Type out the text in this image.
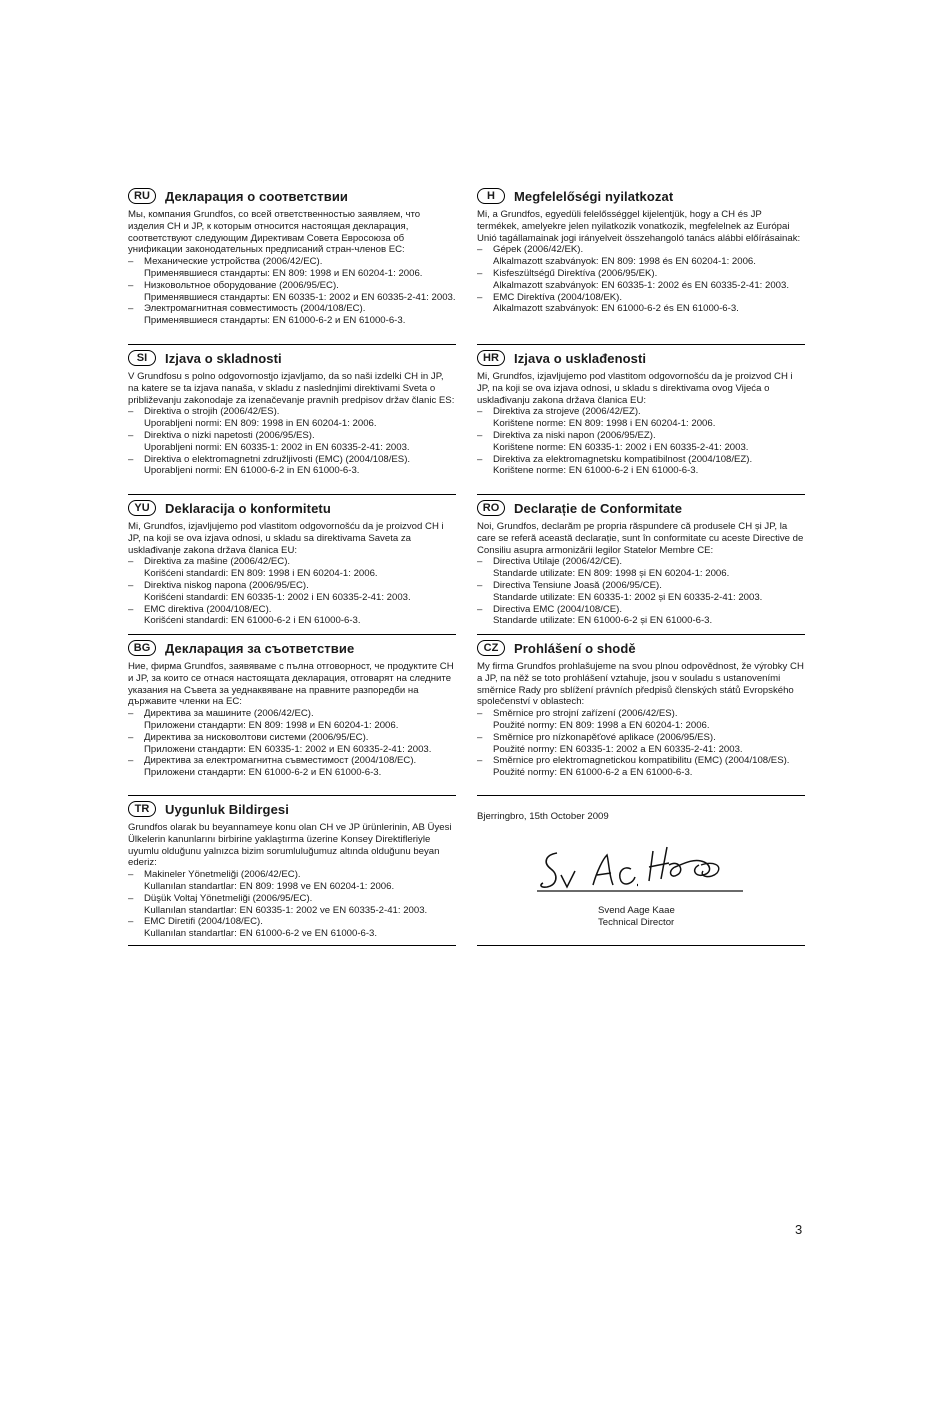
RU	Декларация о соответствии

Мы, компания Grundfos, со всей ответственностью заявляем, что изделия CH и JP, к которым относится настоящая декларация, соответствуют следующим Директивам Совета Евросоюза об унификации законодательных предписаний стран-членов ЕС:

– Механические устройства (2006/42/EC).
Применявшиеся стандарты: EN 809: 1998 и EN 60204-1: 2006.
– Низковольтное оборудование (2006/95/EC).
Применявшиеся стандарты: EN 60335-1: 2002 и EN 60335-2-41: 2003.
– Электромагнитная совместимость (2004/108/EC).
Применявшиеся стандарты: EN 61000-6-2 и EN 61000-6-3.
H	Megfelelőségi nyilatkozat

Mi, a Grundfos, egyedüli felelősséggel kijelentjük, hogy a CH és JP termékek, amelyekre jelen nyilatkozik vonatkozik, megfelelnek az Európai Unió tagállamainak jogi irányelveit összehangoló tanács alábbi előírásainak:

– Gépek (2006/42/EK).
Alkalmazott szabványok: EN 809: 1998 és EN 60204-1: 2006.
– Kisfeszültségű Direktíva (2006/95/EK).
Alkalmazott szabványok: EN 60335-1: 2002 és EN 60335-2-41: 2003.
– EMC Direktíva (2004/108/EK).
Alkalmazott szabványok: EN 61000-6-2 és EN 61000-6-3.
SI	Izjava o skladnosti

V Grundfosu s polno odgovornostjo izjavljamo, da so naši izdelki CH in JP, na katere se ta izjava nanaša, v skladu z naslednjimi direktivami Sveta o približevanju zakonodaje za izenačevanje pravnih predpisov držav članic ES:

– Direktiva o strojih (2006/42/ES).
Uporabljeni normi: EN 809: 1998 in EN 60204-1: 2006.
– Direktiva o nizki napetosti (2006/95/ES).
Uporabljeni normi: EN 60335-1: 2002 in EN 60335-2-41: 2003.
– Direktiva o elektromagnetni združljivosti (EMC) (2004/108/ES).
Uporabljeni normi: EN 61000-6-2 in EN 61000-6-3.
HR	Izjava o usklađenosti

Mi, Grundfos, izjavljujemo pod vlastitom odgovornošću da je proizvod CH i JP, na koji se ova izjava odnosi, u skladu s direktivama ovog Vijeća o usklađivanju zakona država članica EU:

– Direktiva za strojeve (2006/42/EZ).
Korištene norme: EN 809: 1998 i EN 60204-1: 2006.
– Direktiva za niski napon (2006/95/EZ).
Korištene norme: EN 60335-1: 2002 i EN 60335-2-41: 2003.
– Direktiva za elektromagnetsku kompatibilnost (2004/108/EZ).
Korištene norme: EN 61000-6-2 i EN 61000-6-3.
YU	Deklaracija o konformitetu

Mi, Grundfos, izjavljujemo pod vlastitom odgovornošću da je proizvod CH i JP, na koji se ova izjava odnosi, u skladu sa direktivama Saveta za usklađivanje zakona država članica EU:

– Direktiva za mašine (2006/42/EC).
Korišćeni standardi: EN 809: 1998 i EN 60204-1: 2006.
– Direktiva niskog napona (2006/95/EC).
Korišćeni standardi: EN 60335-1: 2002 i EN 60335-2-41: 2003.
– EMC direktiva (2004/108/EC).
Korišćeni standardi: EN 61000-6-2 i EN 61000-6-3.
RO	Declarație de Conformitate

Noi, Grundfos, declarăm pe propria răspundere că produsele CH și JP, la care se referă această declarație, sunt în conformitate cu aceste Directive de Consiliu asupra armonizării legilor Statelor Membre CE:

– Directiva Utilaje (2006/42/CE).
Standarde utilizate: EN 809: 1998 și EN 60204-1: 2006.
– Directiva Tensiune Joasă (2006/95/CE).
Standarde utilizate: EN 60335-1: 2002 și EN 60335-2-41: 2003.
– Directiva EMC (2004/108/CE).
Standarde utilizate: EN 61000-6-2 și EN 61000-6-3.
BG	Декларация за съответствие

Ние, фирма Grundfos, заявяваме с пълна отговорност, че продуктите CH и JP, за които се отнася настоящата декларация, отговарят на следните указания на Съвета за уеднаквяване на правните разпоредби на държавите членки на ЕС:

– Директива за машините (2006/42/EC).
Приложени стандарти: EN 809: 1998 и EN 60204-1: 2006.
– Директива за нисковолтови системи (2006/95/EC).
Приложени стандарти: EN 60335-1: 2002 и EN 60335-2-41: 2003.
– Директива за електромагнитна съвместимост (2004/108/EC).
Приложени стандарти: EN 61000-6-2 и EN 61000-6-3.
CZ	Prohlášení o shodě

My firma Grundfos prohlašujeme na svou plnou odpovědnost, že výrobky CH a JP, na něž se toto prohlášení vztahuje, jsou v souladu s ustanoveními směrnice Rady pro sblížení právních předpisů členských států Evropského společenství v oblastech:

– Směrnice pro strojní zařízení (2006/42/ES).
Použité normy: EN 809: 1998 a EN 60204-1: 2006.
– Směrnice pro nízkonapěťové aplikace (2006/95/ES).
Použité normy: EN 60335-1: 2002 a EN 60335-2-41: 2003.
– Směrnice pro elektromagnetickou kompatibilitu (EMC) (2004/108/ES).
Použité normy: EN 61000-6-2 a EN 61000-6-3.
TR	Uygunluk Bildirgesi

Grundfos olarak bu beyannameye konu olan CH ve JP ürünlerinin, AB Üyesi Ülkelerin kanunlarını birbirine yaklaştırma üzerine Konsey Direktifleriyle uyumlu olduğunu yalnızca bizim sorumluluğumuz altında olduğunu beyan ederiz:

– Makineler Yönetmeliği (2006/42/EC).
Kullanılan standartlar: EN 809: 1998 ve EN 60204-1: 2006.
– Düşük Voltaj Yönetmeliği (2006/95/EC).
Kullanılan standartlar: EN 60335-1: 2002 ve EN 60335-2-41: 2003.
– EMC Diretifi (2004/108/EC).
Kullanılan standartlar: EN 61000-6-2 ve EN 61000-6-3.
Bjerringbro, 15th October 2009
Svend Aage Kaae
Technical Director
3
